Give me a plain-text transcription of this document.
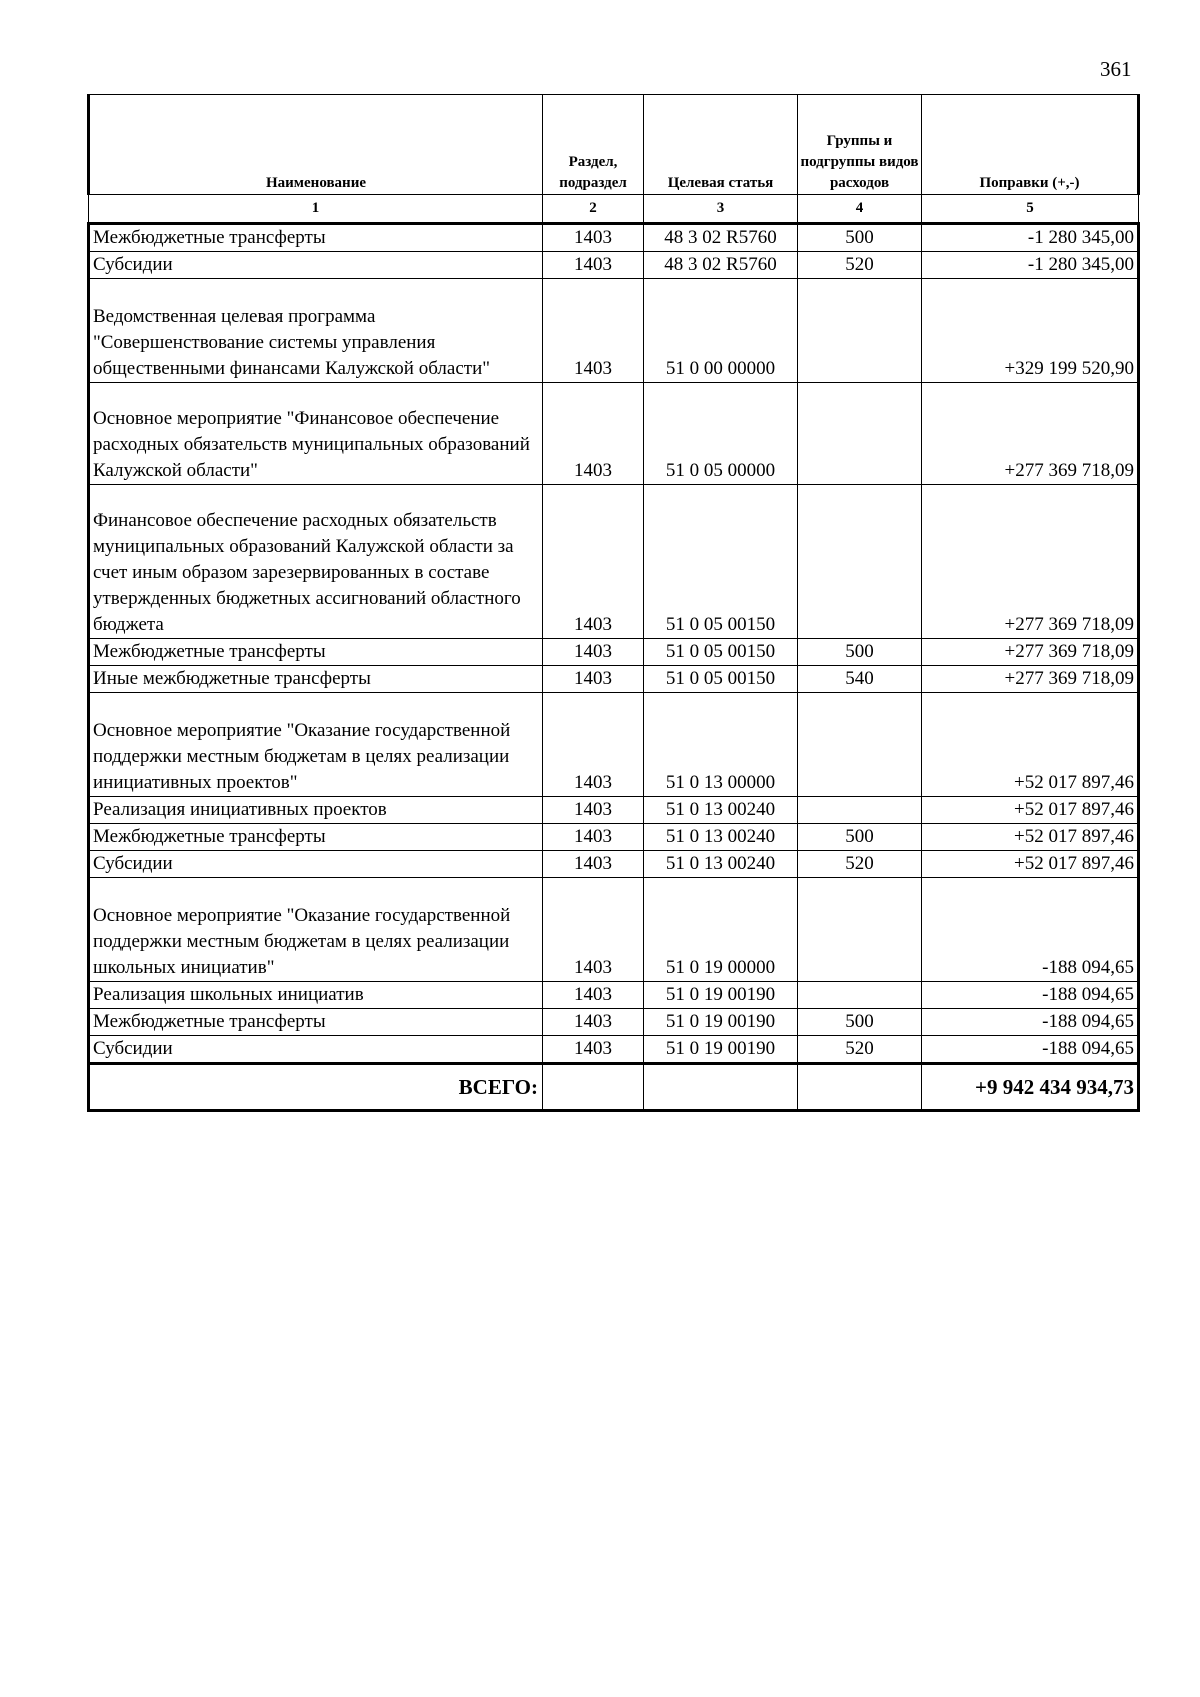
361
Наименование	Раздел, подраздел	Целевая статья	Группы и подгруппы видов расходов	Поправки (+,-)
1	2	3	4	5
Межбюджетные трансферты	1403	48 3 02 R5760	500	-1 280 345,00
Субсидии	1403	48 3 02 R5760	520	-1 280 345,00
Ведомственная целевая программа "Совершенствование системы управления общественными финансами Калужской области"	1403	51 0 00 00000		+329 199 520,90
Основное мероприятие "Финансовое обеспечение расходных обязательств муниципальных образований Калужской области"	1403	51 0 05 00000		+277 369 718,09
Финансовое обеспечение расходных обязательств муниципальных образований Калужской области за счет иным образом зарезервированных в составе утвержденных бюджетных ассигнований областного бюджета	1403	51 0 05 00150		+277 369 718,09
Межбюджетные трансферты	1403	51 0 05 00150	500	+277 369 718,09
Иные межбюджетные трансферты	1403	51 0 05 00150	540	+277 369 718,09
Основное мероприятие "Оказание государственной поддержки местным бюджетам в целях реализации инициативных проектов"	1403	51 0 13 00000		+52 017 897,46
Реализация инициативных проектов	1403	51 0 13 00240		+52 017 897,46
Межбюджетные трансферты	1403	51 0 13 00240	500	+52 017 897,46
Субсидии	1403	51 0 13 00240	520	+52 017 897,46
Основное мероприятие "Оказание государственной поддержки местным бюджетам в целях реализации школьных инициатив"	1403	51 0 19 00000		-188 094,65
Реализация школьных инициатив	1403	51 0 19 00190		-188 094,65
Межбюджетные трансферты	1403	51 0 19 00190	500	-188 094,65
Субсидии	1403	51 0 19 00190	520	-188 094,65
ВСЕГО:				+9 942 434 934,73
